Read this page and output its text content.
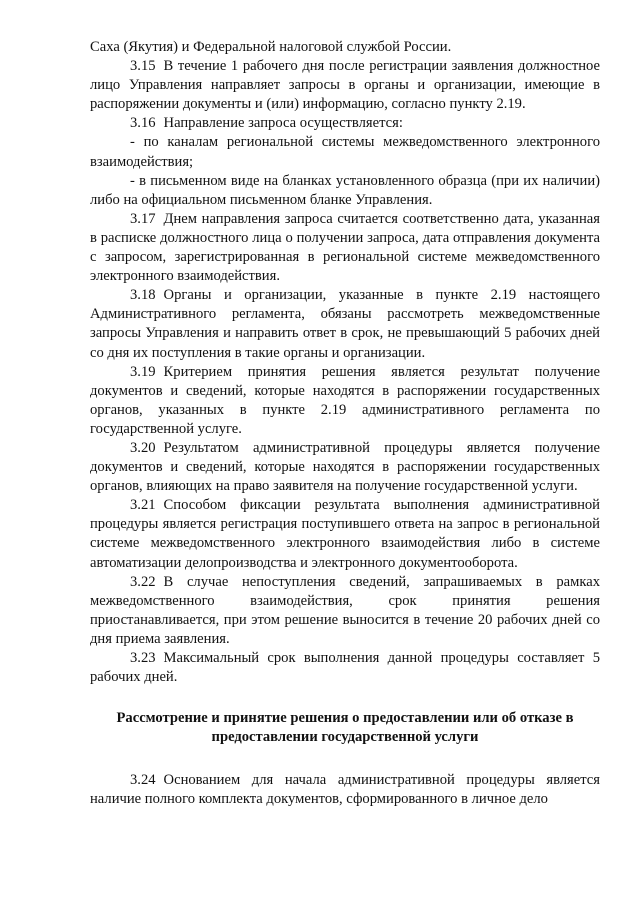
Саха (Якутия) и Федеральной налоговой службой России.

3.15 В течение 1 рабочего дня после регистрации заявления должностное лицо Управления направляет запросы в органы и организации, имеющие в распоряжении документы и (или) информацию, согласно пункту 2.19.

3.16 Направление запроса осуществляется:

- по каналам региональной системы межведомственного электронного взаимодействия;

- в письменном виде на бланках установленного образца (при их наличии) либо на официальном письменном бланке Управления.

3.17 Днем направления запроса считается соответственно дата, указанная в расписке должностного лица о получении запроса, дата отправления документа с запросом, зарегистрированная в региональной системе межведомственного электронного взаимодействия.

3.18 Органы и организации, указанные в пункте 2.19 настоящего Административного регламента, обязаны рассмотреть межведомственные запросы Управления и направить ответ в срок, не превышающий 5 рабочих дней со дня их поступления в такие органы и организации.

3.19 Критерием принятия решения является результат получение документов и сведений, которые находятся в распоряжении государственных органов, указанных в пункте 2.19 административного регламента по государственной услуге.

3.20 Результатом административной процедуры является получение документов и сведений, которые находятся в распоряжении государственных органов, влияющих на право заявителя на получение государственной услуги.

3.21 Способом фиксации результата выполнения административной процедуры является регистрация поступившего ответа на запрос в региональной системе межведомственного электронного взаимодействия либо в системе автоматизации делопроизводства и электронного документооборота.

3.22 В случае непоступления сведений, запрашиваемых в рамках межведомственного взаимодействия, срок принятия решения приостанавливается, при этом решение выносится в течение 20 рабочих дней со дня приема заявления.

3.23 Максимальный срок выполнения данной процедуры составляет 5 рабочих дней.

Рассмотрение и принятие решения о предоставлении или об отказе в предоставлении государственной услуги

3.24 Основанием для начала административной процедуры является наличие полного комплекта документов, сформированного в личное дело
